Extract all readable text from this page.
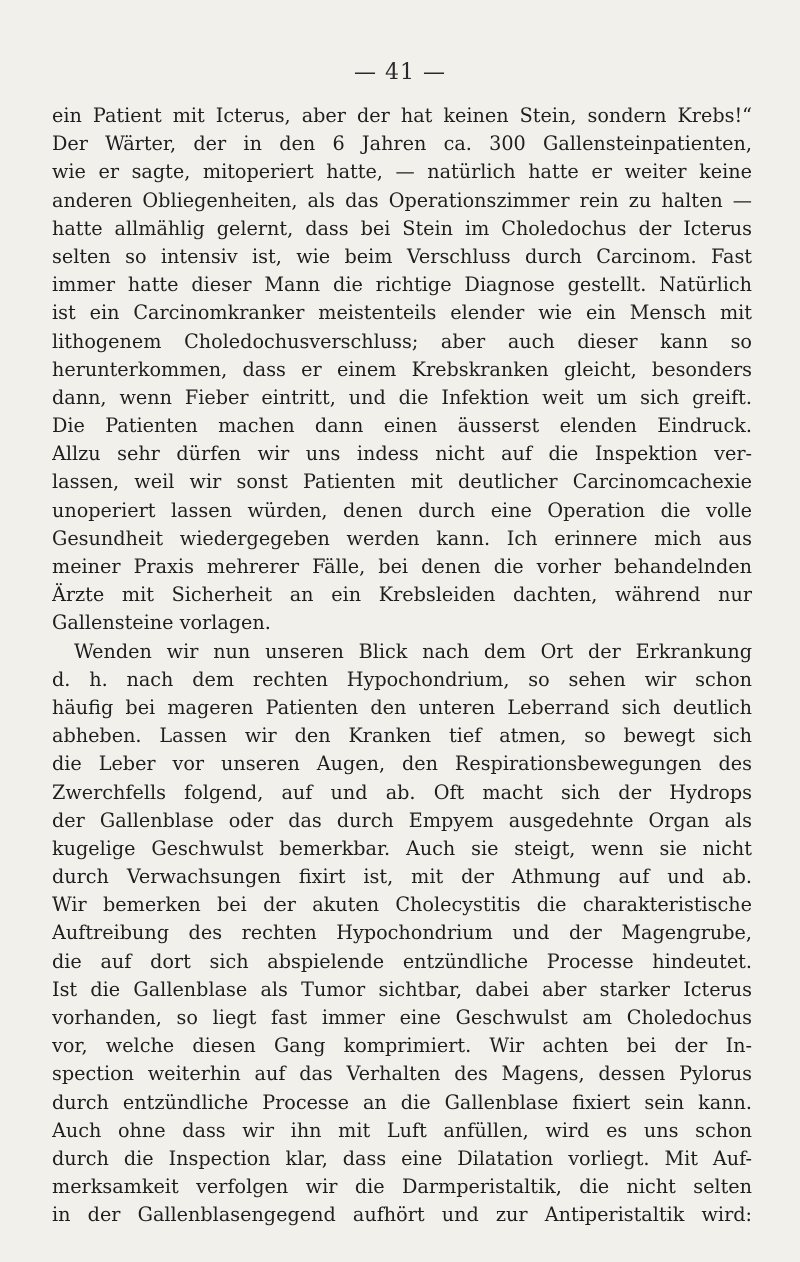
— 41 —
ein Patient mit Icterus, aber der hat keinen Stein, sondern Krebs!“
Der Wärter, der in den 6 Jahren ca. 300 Gallensteinpatienten,
wie er sagte, mitoperiert hatte, — natürlich hatte er weiter keine
anderen Obliegenheiten, als das Operationszimmer rein zu halten —
hatte allmählig gelernt, dass bei Stein im Choledochus der Icterus
selten so intensiv ist, wie beim Verschluss durch Carcinom. Fast
immer hatte dieser Mann die richtige Diagnose gestellt. Natürlich
ist ein Carcinomkranker meistenteils elender wie ein Mensch mit
lithogenem Choledochusverschluss; aber auch dieser kann so
herunterkommen, dass er einem Krebskranken gleicht, besonders
dann, wenn Fieber eintritt, und die Infektion weit um sich greift.
Die Patienten machen dann einen äusserst elenden Eindruck.
Allzu sehr dürfen wir uns indess nicht auf die Inspektion ver-
lassen, weil wir sonst Patienten mit deutlicher Carcinomcachexie
unoperiert lassen würden, denen durch eine Operation die volle
Gesundheit wiedergegeben werden kann. Ich erinnere mich aus
meiner Praxis mehrerer Fälle, bei denen die vorher behandelnden
Ärzte mit Sicherheit an ein Krebsleiden dachten, während nur
Gallensteine vorlagen.
Wenden wir nun unseren Blick nach dem Ort der Erkrankung
d. h. nach dem rechten Hypochondrium, so sehen wir schon
häufig bei mageren Patienten den unteren Leberrand sich deutlich
abheben. Lassen wir den Kranken tief atmen, so bewegt sich
die Leber vor unseren Augen, den Respirationsbewegungen des
Zwerchfells folgend, auf und ab. Oft macht sich der Hydrops
der Gallenblase oder das durch Empyem ausgedehnte Organ als
kugelige Geschwulst bemerkbar. Auch sie steigt, wenn sie nicht
durch Verwachsungen fixirt ist, mit der Athmung auf und ab.
Wir bemerken bei der akuten Cholecystitis die charakteristische
Auftreibung des rechten Hypochondrium und der Magengrube,
die auf dort sich abspielende entzündliche Processe hindeutet.
Ist die Gallenblase als Tumor sichtbar, dabei aber starker Icterus
vorhanden, so liegt fast immer eine Geschwulst am Choledochus
vor, welche diesen Gang komprimiert. Wir achten bei der In-
spection weiterhin auf das Verhalten des Magens, dessen Pylorus
durch entzündliche Processe an die Gallenblase fixiert sein kann.
Auch ohne dass wir ihn mit Luft anfüllen, wird es uns schon
durch die Inspection klar, dass eine Dilatation vorliegt. Mit Auf-
merksamkeit verfolgen wir die Darmperistaltik, die nicht selten
in der Gallenblasengegend aufhört und zur Antiperistaltik wird:
